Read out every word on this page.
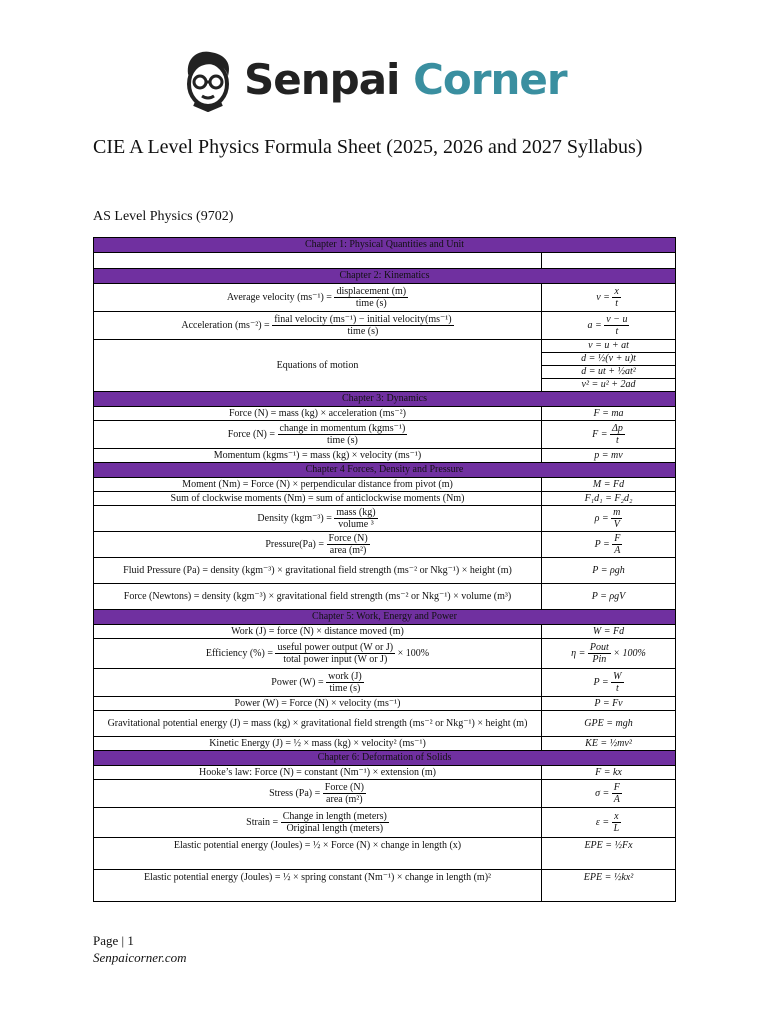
Senpai Corner
CIE A Level Physics Formula Sheet (2025, 2026 and 2027 Syllabus)
AS Level Physics (9702)
Chapter 1: Physical Quantities and Unit	

Chapter 2: Kinematics	
Average velocity $(ms^{-1}) = \frac{\text{displacement (m)}}{\text{time (s)}}$	$v = \frac{x}{t}$

Acceleration $(ms^{-2}) = \frac{\text{final velocity (ms⁻¹) − initial velocity(ms⁻¹)}}{\text{time (s)}}$	$a = \frac{v - u}{t}$

Equations of motion	v = u + at
	d = ½(v + u)t
	d = ut + ½at²
	v² = u² + 2ad
Chapter 3: Dynamics	
Force (N) = mass (kg) × acceleration (ms⁻²)	F = ma
Force $(N) = \frac{\text{change in momentum (kgms⁻¹)}}{\text{time (s)}}$	$F = \frac{\Delta p}{t}$

Momentum (kgms⁻¹) = mass (kg) × velocity (ms⁻¹)	p = mv
Chapter 4 Forces, Density and Pressure	
Moment (Nm) = Force (N) × perpendicular distance from pivot (m)	M = Fd
Sum of clockwise moments (Nm) = sum of anticlockwise moments (Nm)	F₁d₁ = F₂d₂
Density $(kgm^{-3}) = \frac{\text{mass (kg)}}{\text{volume ³}}$	$\rho = \frac{m}{V}$

Pressure(Pa) = $\frac{\text{Force (N)}}{\text{area (m²)}}$	$P = \frac{F}{A}$

Fluid Pressure (Pa) = density (kgm⁻³) × gravitational field strength (ms⁻² or Nkg⁻¹) × height (m)	P = ρgh
Force (Newtons) = density (kgm⁻³) × gravitational field strength (ms⁻² or Nkg⁻¹) × volume (m³)	P = ρgV
Chapter 5: Work, Energy and Power	
Work (J) = force (N) × distance moved (m)	W = Fd
Efficiency (%) = $\frac{\text{useful power output (W or J)}}{\text{total power input (W or J)}} \times 100\%$	$\eta = \frac{\text{Pout}}{\text{Pin}} \times 100\%$
Power $(W) = \frac{\text{work (J)}}{\text{time (s)}}$	$P = \frac{W}{t}$

Power (W) = Force (N) × velocity (ms⁻¹)	P = Fv
Gravitational potential energy (J) = mass (kg) × gravitational field strength (ms⁻² or Nkg⁻¹) × height (m)	GPE = mgh
Kinetic Energy (J) = ½ × mass (kg) × velocity² (ms⁻¹)	KE = ½mv²
Chapter 6: Deformation of Solids	
Hooke’s law: Force (N) = constant (Nm⁻¹) × extension (m)	F = kx
Stress $(Pa) = \frac{\text{Force (N)}}{\text{area (m²)}}$	$\sigma = \frac{F}{A}$

Strain = $\frac{\text{Change in length (meters)}}{\text{Original length (meters)}}$	$\varepsilon = \frac{x}{L}$

Elastic potential energy (Joules) = ½ × Force (N) × change in length (x)	EPE = ½Fx
Elastic potential energy (Joules) = ½ × spring constant (Nm⁻¹) × change in length (m)²	EPE = ½kx²
Page | 1
Senpaicorner.com
